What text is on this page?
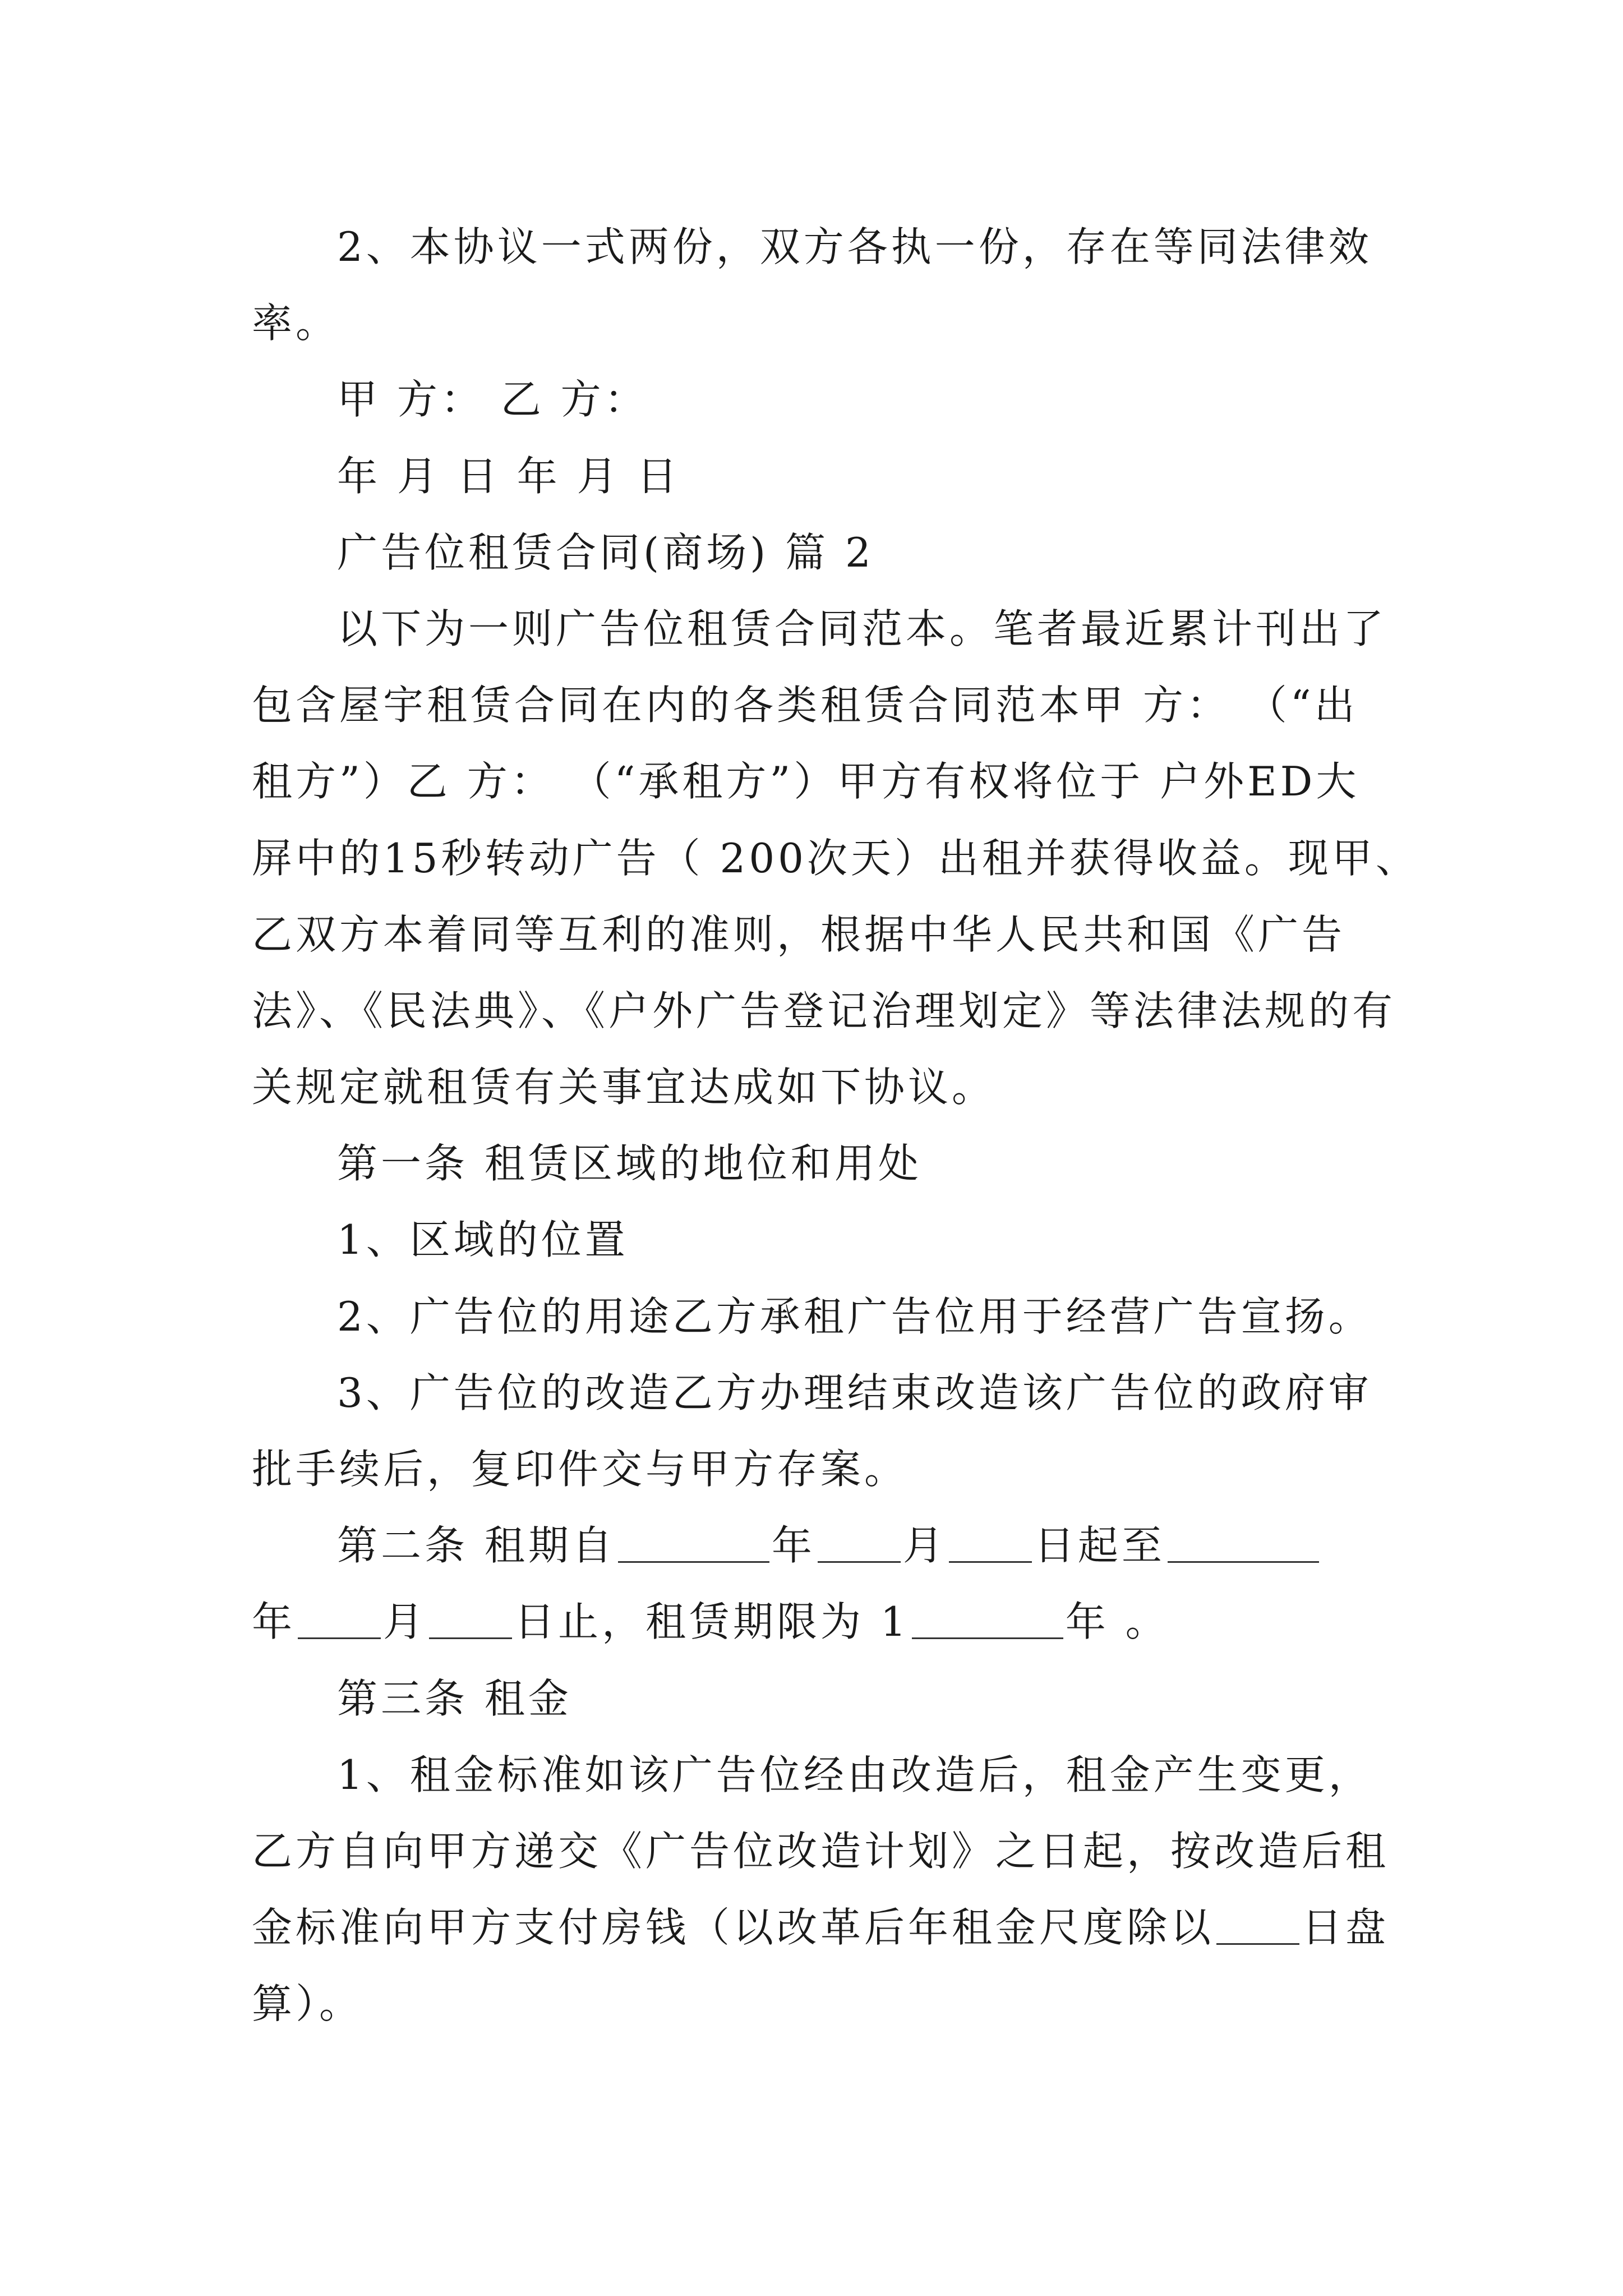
2、本协议一式两份，双方各执一份，存在等同法律效
率。
甲 方： 乙 方：
年 月 日 年 月 日
广告位租赁合同(商场) 篇 2
以下为一则广告位租赁合同范本。笔者最近累计刊出了
包含屋宇租赁合同在内的各类租赁合同范本甲 方： （“出
租方”）乙 方： （“承租方”）甲方有权将位于 户外ED大
屏中的15秒转动广告（ 200次天）出租并获得收益。现甲、
乙双方本着同等互利的准则，根据中华人民共和国《广告
法》、《民法典》、《户外广告登记治理划定》等法律法规的有
关规定就租赁有关事宜达成如下协议。
第一条 租赁区域的地位和用处
1、区域的位置
2、广告位的用途乙方承租广告位用于经营广告宣扬。
3、广告位的改造乙方办理结束改造该广告位的政府审
批手续后，复印件交与甲方存案。
第二条 租期自	年 月 日起至
年 月 日止，租赁期限为 1	年 。
第三条 租金
1、租金标准如该广告位经由改造后，租金产生变更，
乙方自向甲方递交《广告位改造计划》之日起，按改造后租
金标准向甲方支付房钱（以改革后年租金尺度除以 日盘
算）。
